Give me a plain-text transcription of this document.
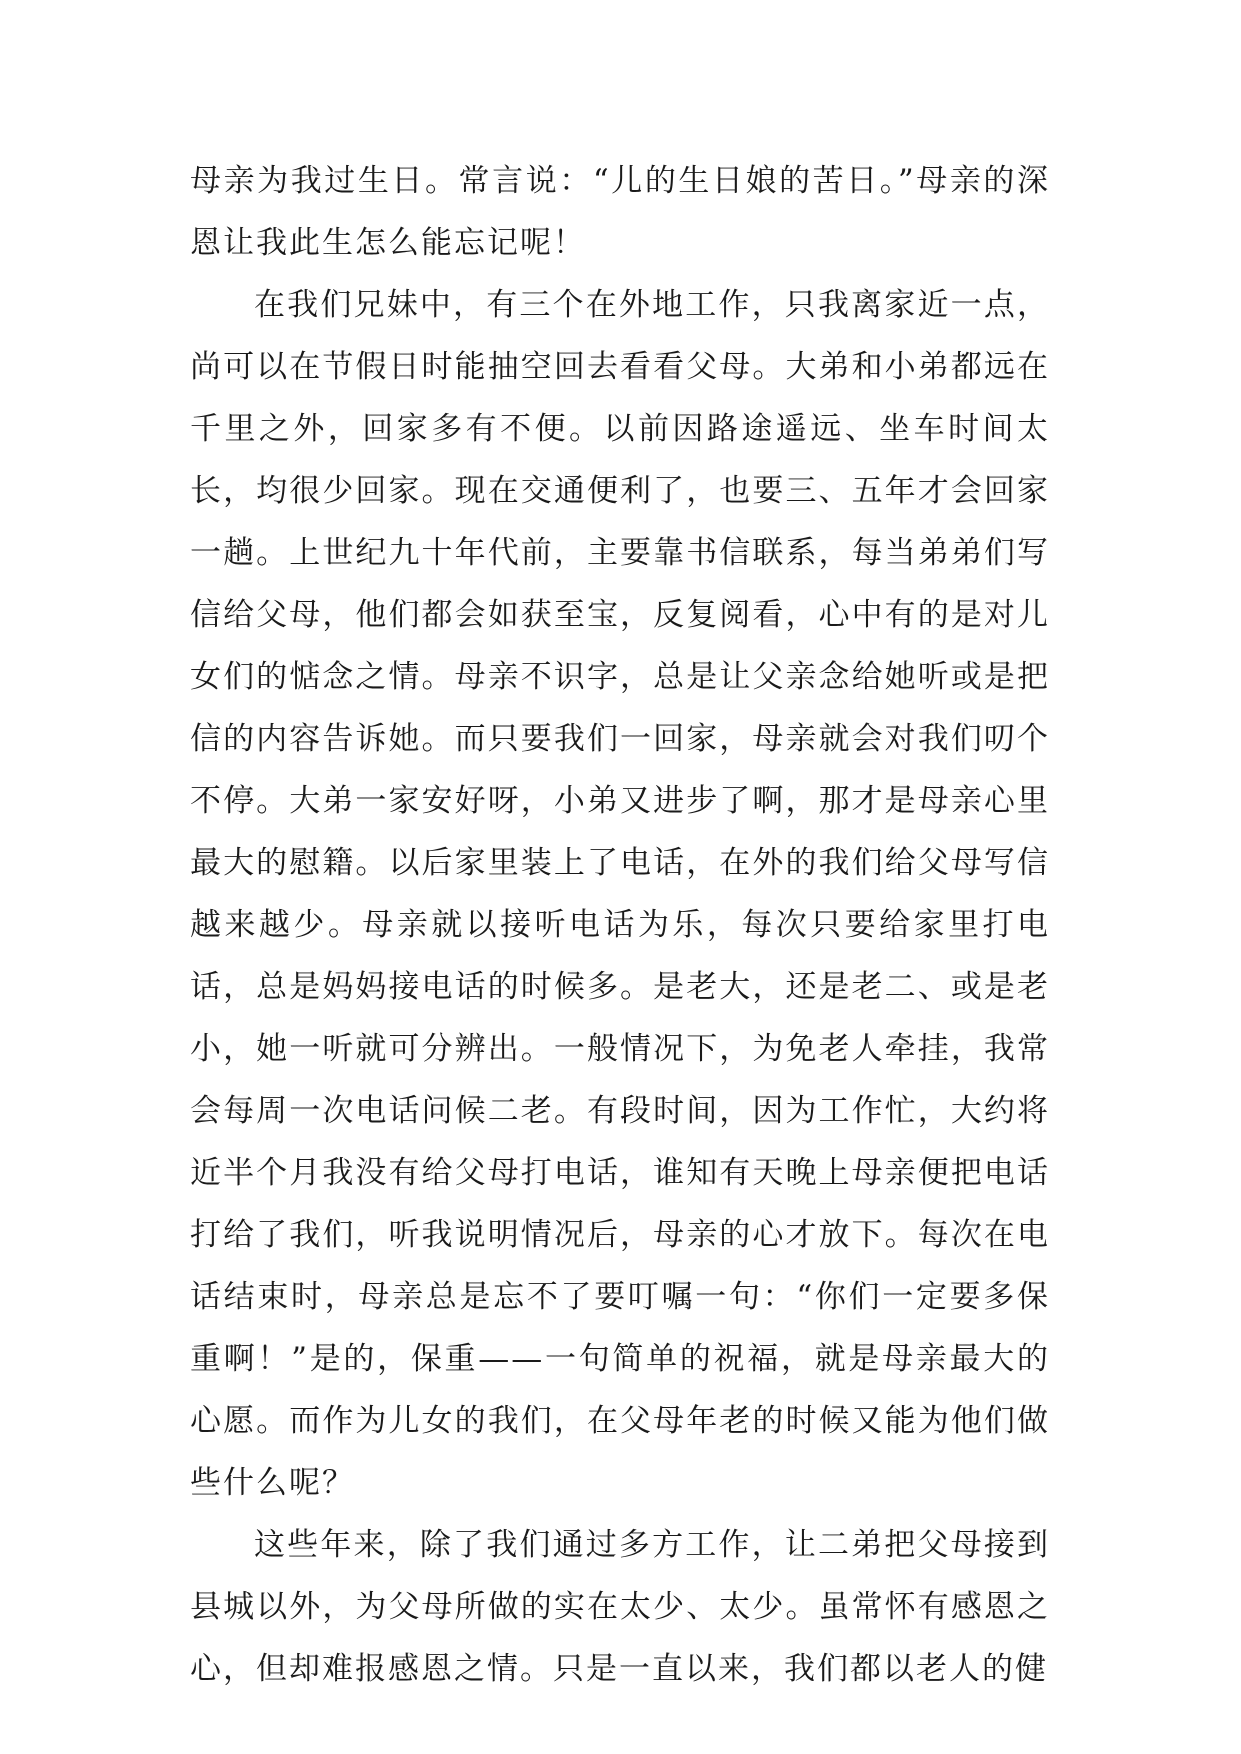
母亲为我过生日。常言说：“儿的生日娘的苦日。”母亲的深恩让我此生怎么能忘记呢！

在我们兄妹中，有三个在外地工作，只我离家近一点，尚可以在节假日时能抽空回去看看父母。大弟和小弟都远在千里之外，回家多有不便。以前因路途遥远、坐车时间太长，均很少回家。现在交通便利了，也要三、五年才会回家一趟。上世纪九十年代前，主要靠书信联系，每当弟弟们写信给父母，他们都会如获至宝，反复阅看，心中有的是对儿女们的惦念之情。母亲不识字，总是让父亲念给她听或是把信的内容告诉她。而只要我们一回家，母亲就会对我们叨个不停。大弟一家安好呀，小弟又进步了啊，那才是母亲心里最大的慰籍。以后家里装上了电话，在外的我们给父母写信越来越少。母亲就以接听电话为乐，每次只要给家里打电话，总是妈妈接电话的时候多。是老大，还是老二、或是老小，她一听就可分辨出。一般情况下，为免老人牵挂，我常会每周一次电话问候二老。有段时间，因为工作忙，大约将近半个月我没有给父母打电话，谁知有天晚上母亲便把电话打给了我们，听我说明情况后，母亲的心才放下。每次在电话结束时，母亲总是忘不了要叮嘱一句：“你们一定要多保重啊！”是的，保重——一句简单的祝福，就是母亲最大的心愿。而作为儿女的我们，在父母年老的时候又能为他们做些什么呢？

这些年来，除了我们通过多方工作，让二弟把父母接到县城以外，为父母所做的实在太少、太少。虽常怀有感恩之心，但却难报感恩之情。只是一直以来，我们都以老人的健
